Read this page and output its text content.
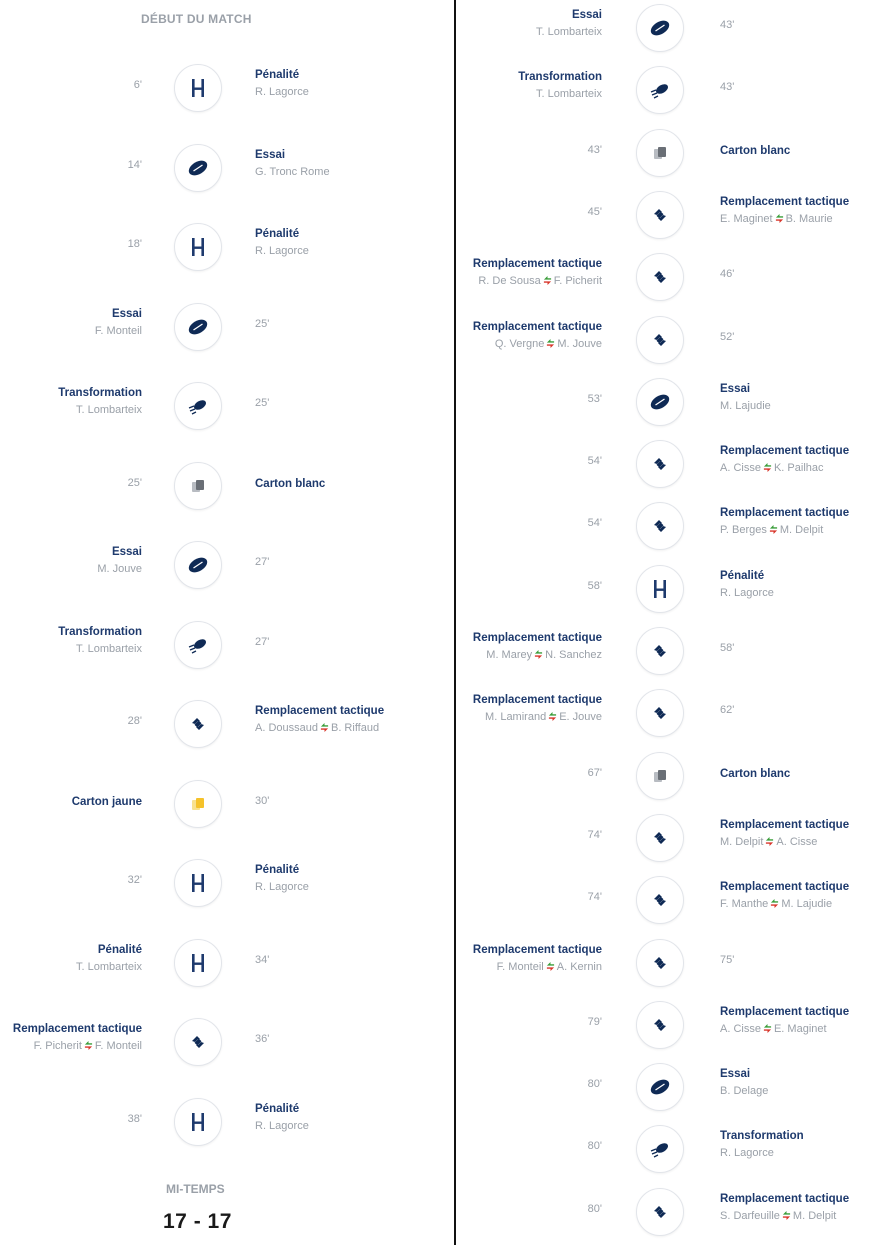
DÉBUT DU MATCH
MI-TEMPS
17 - 17
6'
Pénalité
R. Lagorce
14'
Essai
G. Tronc Rome
18'
Pénalité
R. Lagorce
25'
Essai
F. Monteil
25'
Transformation
T. Lombarteix
25'	Carton blanc
27'
Essai
M. Jouve
27'
Transformation
T. Lombarteix
28'
Remplacement tactique
A. Doussaud B. Riffaud
30'
Carton jaune
32'
Pénalité
R. Lagorce
34'
Pénalité
T. Lombarteix
36'
Remplacement tactique
F. Picherit F. Monteil
38'
Pénalité
R. Lagorce
43'
Essai
T. Lombarteix
43'
Transformation
T. Lombarteix
43'	Carton blanc
45'
Remplacement tactique
E. Maginet B. Maurie
46'
Remplacement tactique
R. De Sousa F. Picherit
52'
Remplacement tactique
Q. Vergne M. Jouve
53'
Essai
M. Lajudie
54'
Remplacement tactique
A. Cisse K. Pailhac
54'
Remplacement tactique
P. Berges M. Delpit
58'
Pénalité
R. Lagorce
58'
Remplacement tactique
M. Marey N. Sanchez
62'
Remplacement tactique
M. Lamirand E. Jouve
67'	Carton blanc
74'
Remplacement tactique
M. Delpit A. Cisse
74'
Remplacement tactique
F. Manthe M. Lajudie
75'
Remplacement tactique
F. Monteil A. Kernin
79'
Remplacement tactique
A. Cisse E. Maginet
80'
Essai
B. Delage
80'
Transformation
R. Lagorce
80'
Remplacement tactique
S. Darfeuille M. Delpit
